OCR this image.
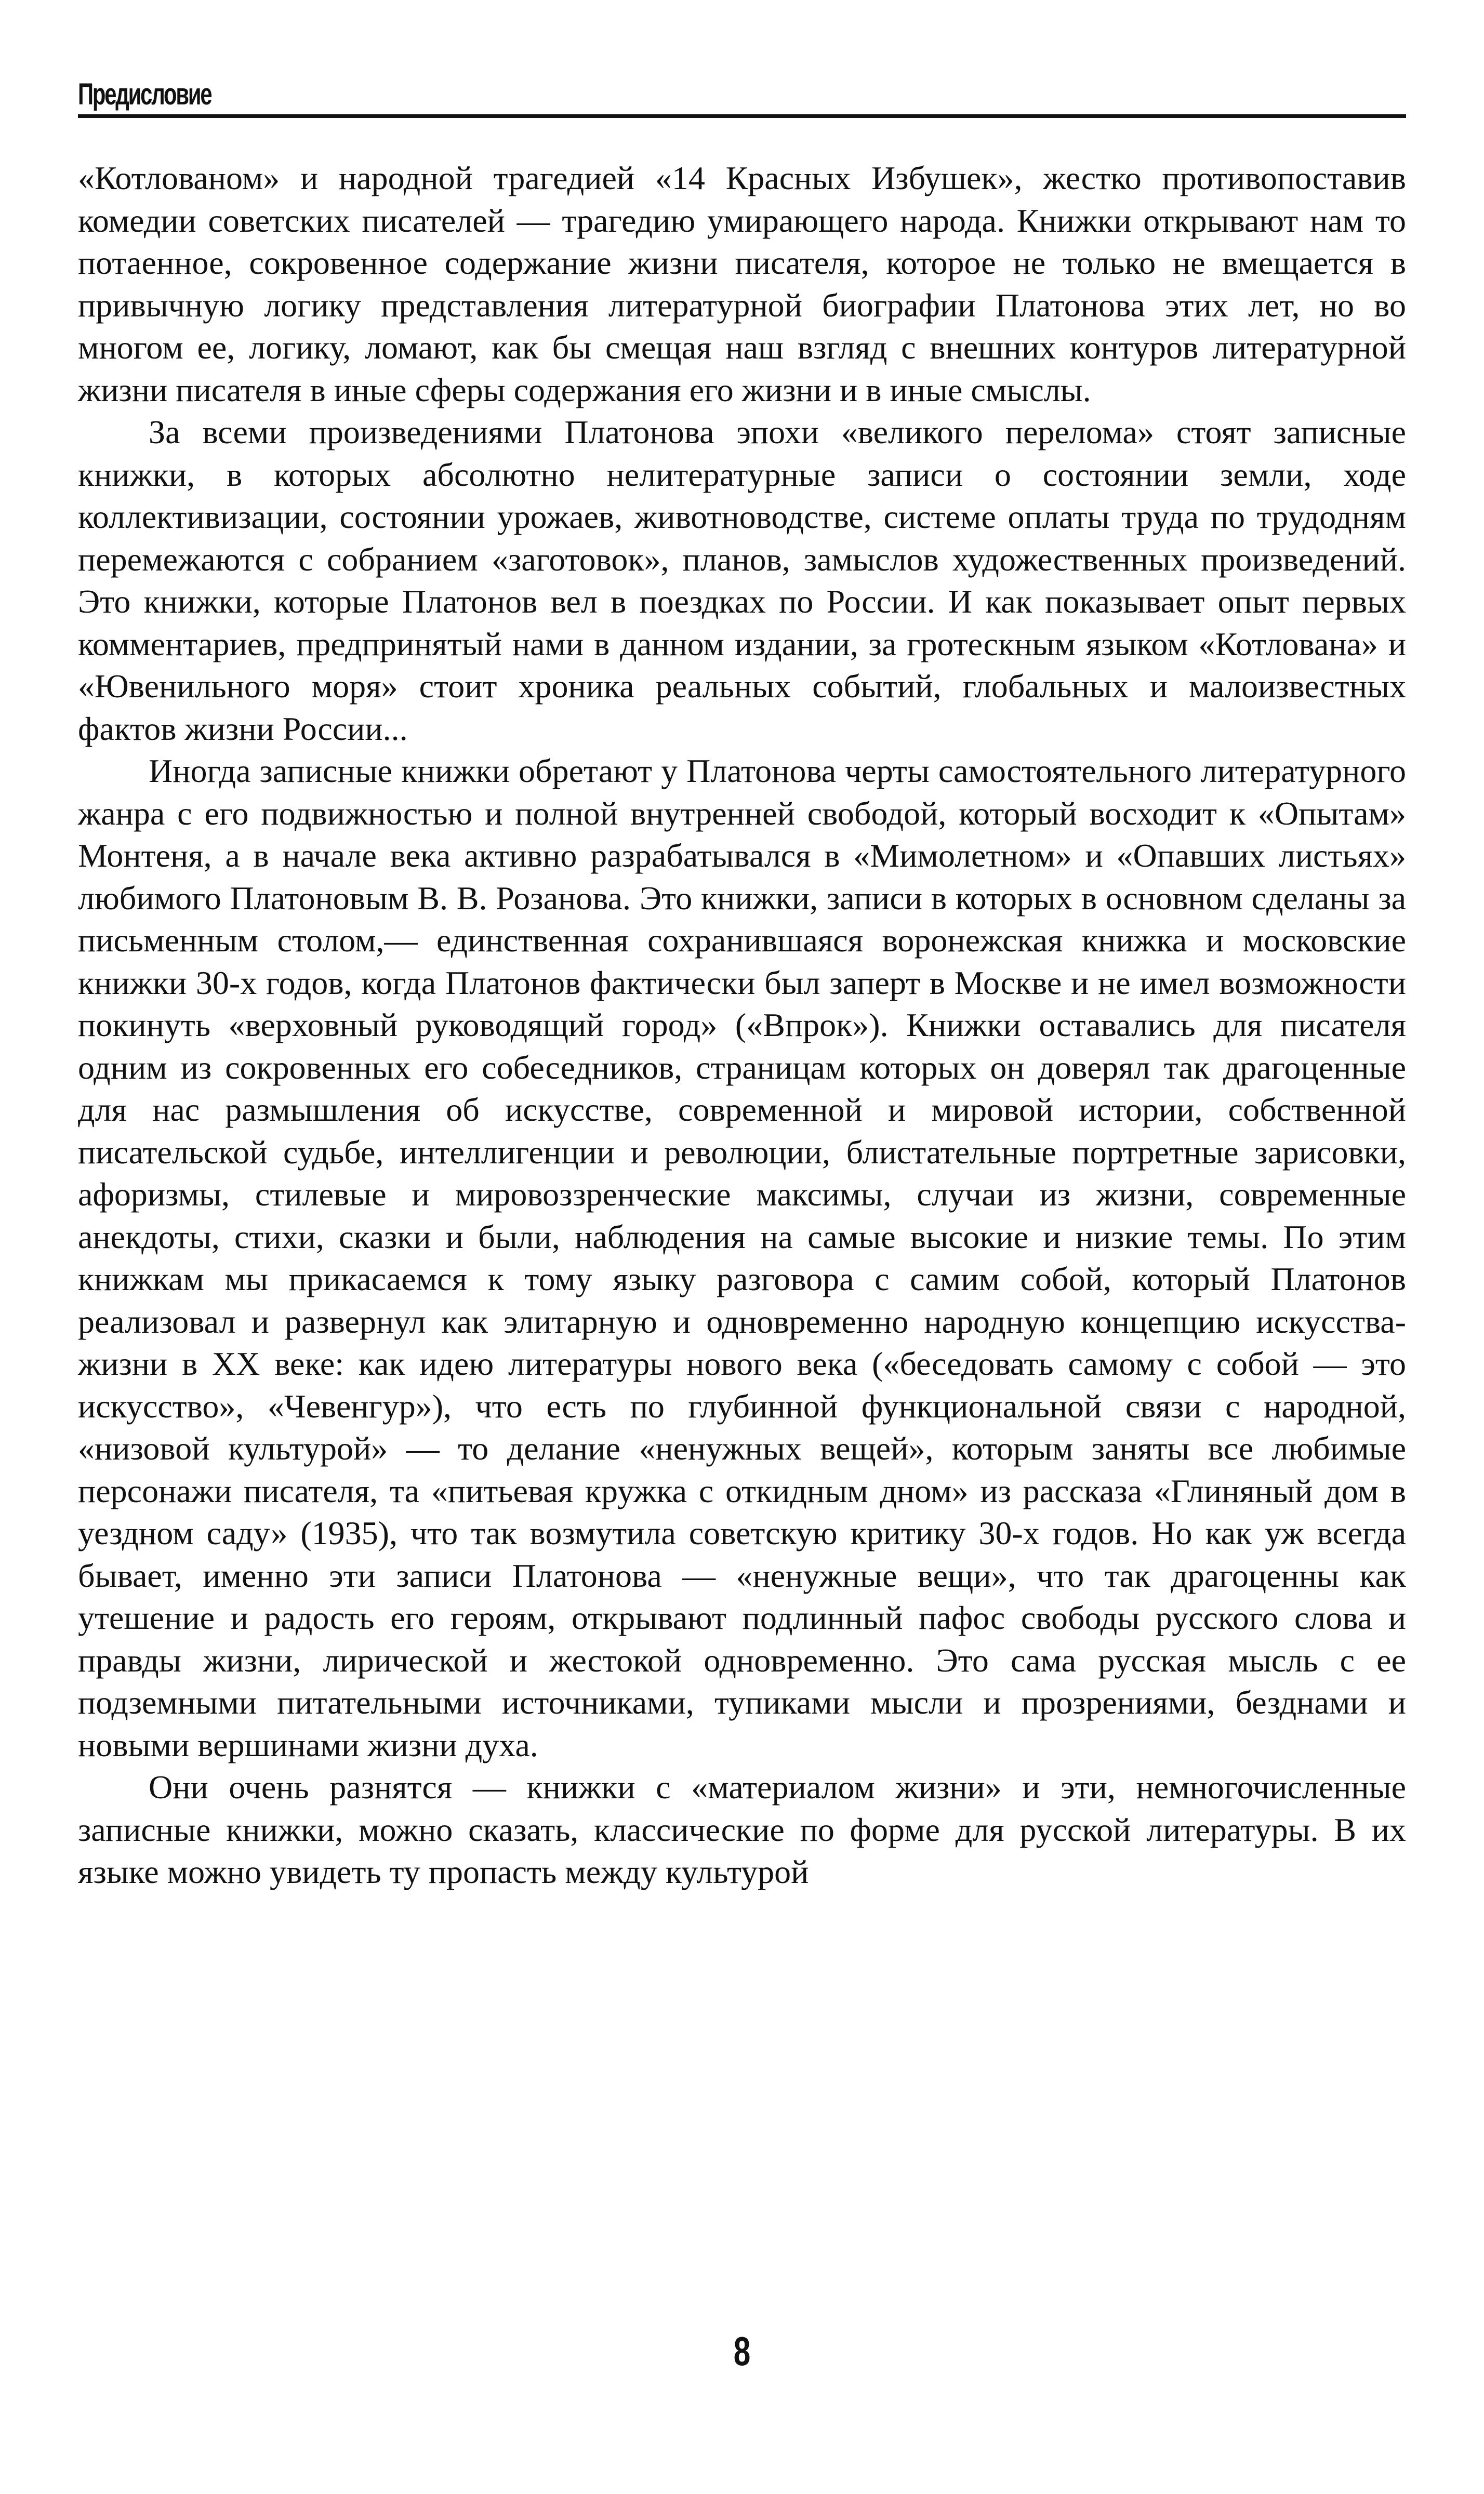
Предисловие

«Котлованом» и народной трагедией «14 Красных Избушек», жестко противопоставив комедии советских писателей — трагедию умирающего народа. Книжки открывают нам то потаенное, сокровенное содержание жизни писателя, которое не только не вмещается в привычную логику представления литературной биографии Платонова этих лет, но во многом ее, логику, ломают, как бы смещая наш взгляд с внешних контуров литературной жизни писателя в иные сферы содержания его жизни и в иные смыслы.

За всеми произведениями Платонова эпохи «великого перелома» стоят записные книжки, в которых абсолютно нелитературные записи о состоянии земли, ходе коллективизации, состоянии урожаев, животноводстве, системе оплаты труда по трудодням перемежаются с собранием «заготовок», планов, замыслов художественных произведений. Это книжки, которые Платонов вел в поездках по России. И как показывает опыт первых комментариев, предпринятый нами в данном издании, за гротескным языком «Котлована» и «Ювенильного моря» стоит хроника реальных событий, глобальных и малоизвестных фактов жизни России...

Иногда записные книжки обретают у Платонова черты самостоятельного литературного жанра с его подвижностью и полной внутренней свободой, который восходит к «Опытам» Монтеня, а в начале века активно разрабатывался в «Мимолетном» и «Опавших листьях» любимого Платоновым В. В. Розанова. Это книжки, записи в которых в основном сделаны за письменным столом,— единственная сохранившаяся воронежская книжка и московские книжки 30-х годов, когда Платонов фактически был заперт в Москве и не имел возможности покинуть «верховный руководящий город» («Впрок»). Книжки оставались для писателя одним из сокровенных его собеседников, страницам которых он доверял так драгоценные для нас размышления об искусстве, современной и мировой истории, собственной писательской судьбе, интеллигенции и революции, блистательные портретные зарисовки, афоризмы, стилевые и мировоззренческие максимы, случаи из жизни, современные анекдоты, стихи, сказки и были, наблюдения на самые высокие и низкие темы. По этим книжкам мы прикасаемся к тому языку разговора с самим собой, который Платонов реализовал и развернул как элитарную и одновременно народную концепцию искусства-жизни в XX веке: как идею литературы нового века («беседовать самому с собой — это искусство», «Чевенгур»), что есть по глубинной функциональной связи с народной, «низовой культурой» — то делание «ненужных вещей», которым заняты все любимые персонажи писателя, та «питьевая кружка с откидным дном» из рассказа «Глиняный дом в уездном саду» (1935), что так возмутила советскую критику 30-х годов. Но как уж всегда бывает, именно эти записи Платонова — «ненужные вещи», что так драгоценны как утешение и радость его героям, открывают подлинный пафос свободы русского слова и правды жизни, лирической и жестокой одновременно. Это сама русская мысль с ее подземными питательными источниками, тупиками мысли и прозрениями, безднами и новыми вершинами жизни духа.

Они очень разнятся — книжки с «материалом жизни» и эти, немногочисленные записные книжки, можно сказать, классические по форме для русской литературы. В их языке можно увидеть ту пропасть между культурой

8
